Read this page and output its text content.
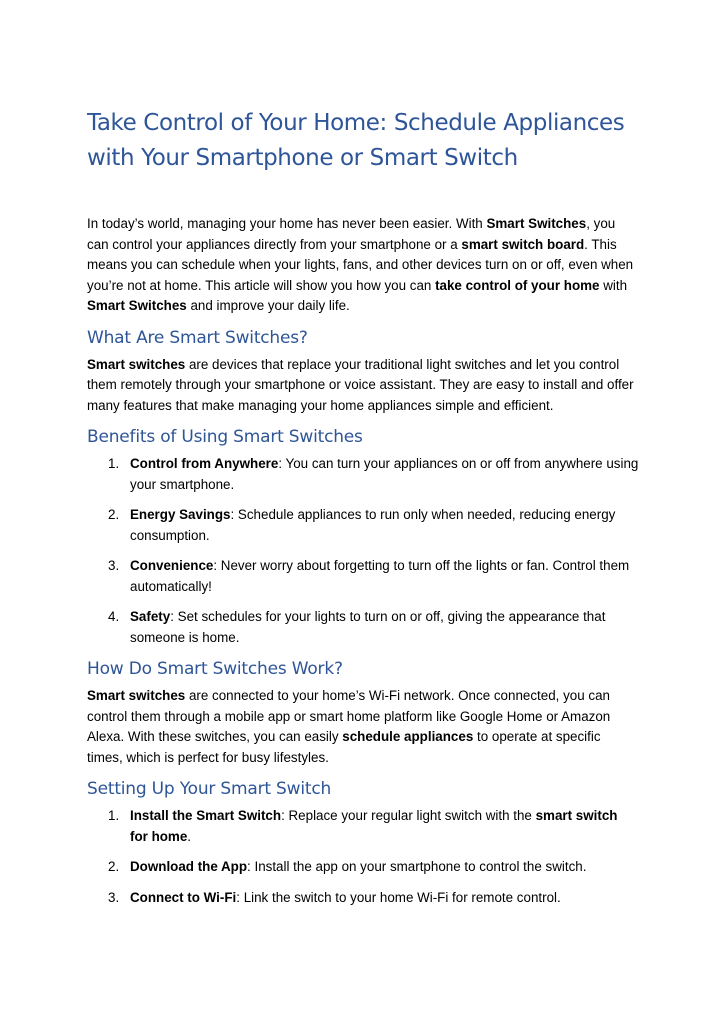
Take Control of Your Home: Schedule Appliances with Your Smartphone or Smart Switch

In today’s world, managing your home has never been easier. With Smart Switches, you can control your appliances directly from your smartphone or a smart switch board. This means you can schedule when your lights, fans, and other devices turn on or off, even when you’re not at home. This article will show you how you can take control of your home with Smart Switches and improve your daily life.

What Are Smart Switches?

Smart switches are devices that replace your traditional light switches and let you control them remotely through your smartphone or voice assistant. They are easy to install and offer many features that make managing your home appliances simple and efficient.

Benefits of Using Smart Switches
1. Control from Anywhere: You can turn your appliances on or off from anywhere using your smartphone.
2. Energy Savings: Schedule appliances to run only when needed, reducing energy consumption.
3. Convenience: Never worry about forgetting to turn off the lights or fan. Control them automatically!
4. Safety: Set schedules for your lights to turn on or off, giving the appearance that someone is home.
How Do Smart Switches Work?

Smart switches are connected to your home’s Wi-Fi network. Once connected, you can control them through a mobile app or smart home platform like Google Home or Amazon Alexa. With these switches, you can easily schedule appliances to operate at specific times, which is perfect for busy lifestyles.

Setting Up Your Smart Switch
1. Install the Smart Switch: Replace your regular light switch with the smart switch for home.
2. Download the App: Install the app on your smartphone to control the switch.
3. Connect to Wi-Fi: Link the switch to your home Wi-Fi for remote control.
